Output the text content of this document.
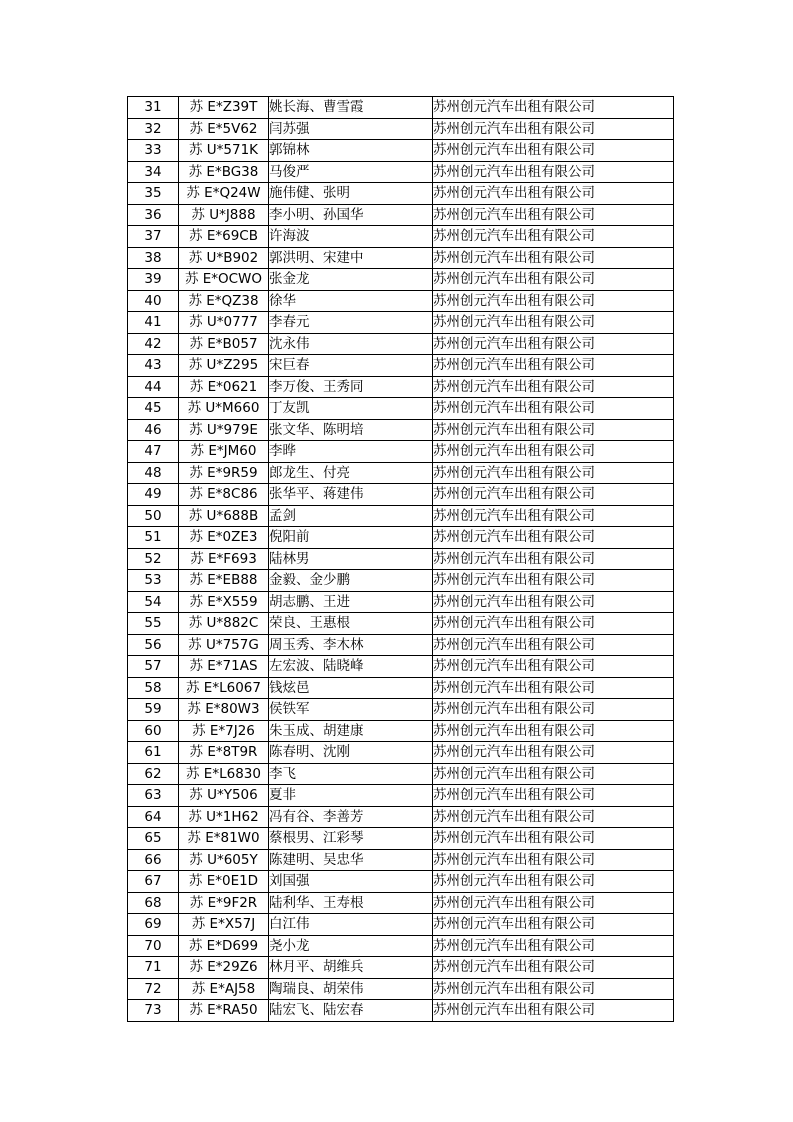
31	苏 E*Z39T	姚长海、曹雪霞	苏州创元汽车出租有限公司
32	苏 E*5V62	闫苏强	苏州创元汽车出租有限公司
33	苏 U*571K	郭锦林	苏州创元汽车出租有限公司
34	苏 E*BG38	马俊严	苏州创元汽车出租有限公司
35	苏 E*Q24W	施伟健、张明	苏州创元汽车出租有限公司
36	苏 U*J888	李小明、孙国华	苏州创元汽车出租有限公司
37	苏 E*69CB	许海波	苏州创元汽车出租有限公司
38	苏 U*B902	郭洪明、宋建中	苏州创元汽车出租有限公司
39	苏 E*OCWO	张金龙	苏州创元汽车出租有限公司
40	苏 E*QZ38	徐华	苏州创元汽车出租有限公司
41	苏 U*0777	李春元	苏州创元汽车出租有限公司
42	苏 E*B057	沈永伟	苏州创元汽车出租有限公司
43	苏 U*Z295	宋巨春	苏州创元汽车出租有限公司
44	苏 E*0621	李万俊、王秀同	苏州创元汽车出租有限公司
45	苏 U*M660	丁友凯	苏州创元汽车出租有限公司
46	苏 U*979E	张文华、陈明培	苏州创元汽车出租有限公司
47	苏 E*JM60	李晔	苏州创元汽车出租有限公司
48	苏 E*9R59	郎龙生、付亮	苏州创元汽车出租有限公司
49	苏 E*8C86	张华平、蒋建伟	苏州创元汽车出租有限公司
50	苏 U*688B	孟剑	苏州创元汽车出租有限公司
51	苏 E*0ZE3	倪阳前	苏州创元汽车出租有限公司
52	苏 E*F693	陆林男	苏州创元汽车出租有限公司
53	苏 E*EB88	金毅、金少鹏	苏州创元汽车出租有限公司
54	苏 E*X559	胡志鹏、王进	苏州创元汽车出租有限公司
55	苏 U*882C	荣良、王惠根	苏州创元汽车出租有限公司
56	苏 U*757G	周玉秀、李木林	苏州创元汽车出租有限公司
57	苏 E*71AS	左宏波、陆晓峰	苏州创元汽车出租有限公司
58	苏 E*L6067	钱炫邑	苏州创元汽车出租有限公司
59	苏 E*80W3	侯铁军	苏州创元汽车出租有限公司
60	苏 E*7J26	朱玉成、胡建康	苏州创元汽车出租有限公司
61	苏 E*8T9R	陈春明、沈刚	苏州创元汽车出租有限公司
62	苏 E*L6830	李飞	苏州创元汽车出租有限公司
63	苏 U*Y506	夏非	苏州创元汽车出租有限公司
64	苏 U*1H62	冯有谷、李善芳	苏州创元汽车出租有限公司
65	苏 E*81W0	蔡根男、江彩琴	苏州创元汽车出租有限公司
66	苏 U*605Y	陈建明、吴忠华	苏州创元汽车出租有限公司
67	苏 E*0E1D	刘国强	苏州创元汽车出租有限公司
68	苏 E*9F2R	陆利华、王寿根	苏州创元汽车出租有限公司
69	苏 E*X57J	白江伟	苏州创元汽车出租有限公司
70	苏 E*D699	尧小龙	苏州创元汽车出租有限公司
71	苏 E*29Z6	林月平、胡维兵	苏州创元汽车出租有限公司
72	苏 E*AJ58	陶瑞良、胡荣伟	苏州创元汽车出租有限公司
73	苏 E*RA50	陆宏飞、陆宏春	苏州创元汽车出租有限公司
